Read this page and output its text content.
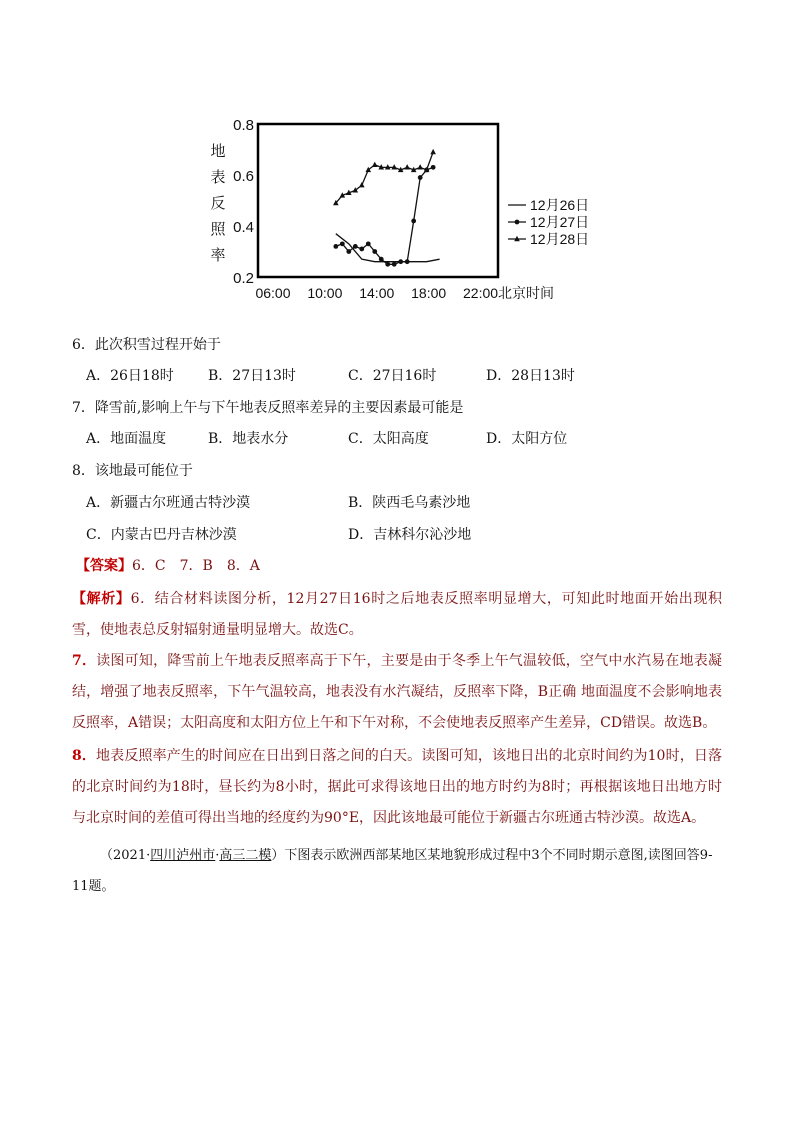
0.8
0.6
0.4
0.2
地
表
反
照
率
06:00 10:00 14:00 18:00 22:00北京时间
12月26日
12月27日
12月28日
6．此次积雪过程开始于
A．26日18时 B．27日13时	C．27日16时	D．28日13时
7．降雪前,影响上午与下午地表反照率差异的主要因素最可能是
A．地面温度	B．地表水分	C．太阳高度	D．太阳方位
8．该地最可能位于
A．新疆古尔班通古特沙漠	B．陕西毛乌素沙地
C．内蒙古巴丹吉林沙漠	D．吉林科尔沁沙地
【答案】6．C　7．B　8．A
【解析】6．结合材料读图分析，12月27日16时之后地表反照率明显增大，可知此时地面开始出现积雪，使地表总反射辐射通量明显增大。故选C。
7．读图可知，降雪前上午地表反照率高于下午，主要是由于冬季上午气温较低，空气中水汽易在地表凝结，增强了地表反照率，下午气温较高，地表没有水汽凝结，反照率下降，B正确 地面温度不会影响地表反照率，A错误；太阳高度和太阳方位上午和下午对称，不会使地表反照率产生差异，CD错误。故选B。
8．地表反照率产生的时间应在日出到日落之间的白天。读图可知，该地日出的北京时间约为10时，日落的北京时间约为18时，昼长约为8小时，据此可求得该地日出的地方时约为8时；再根据该地日出地方时与北京时间的差值可得出当地的经度约为90°E，因此该地最可能位于新疆古尔班通古特沙漠。故选A。
（2021·四川泸州市·高三二模）下图表示欧洲西部某地区某地貌形成过程中3个不同时期示意图,读图回答9-11题。
